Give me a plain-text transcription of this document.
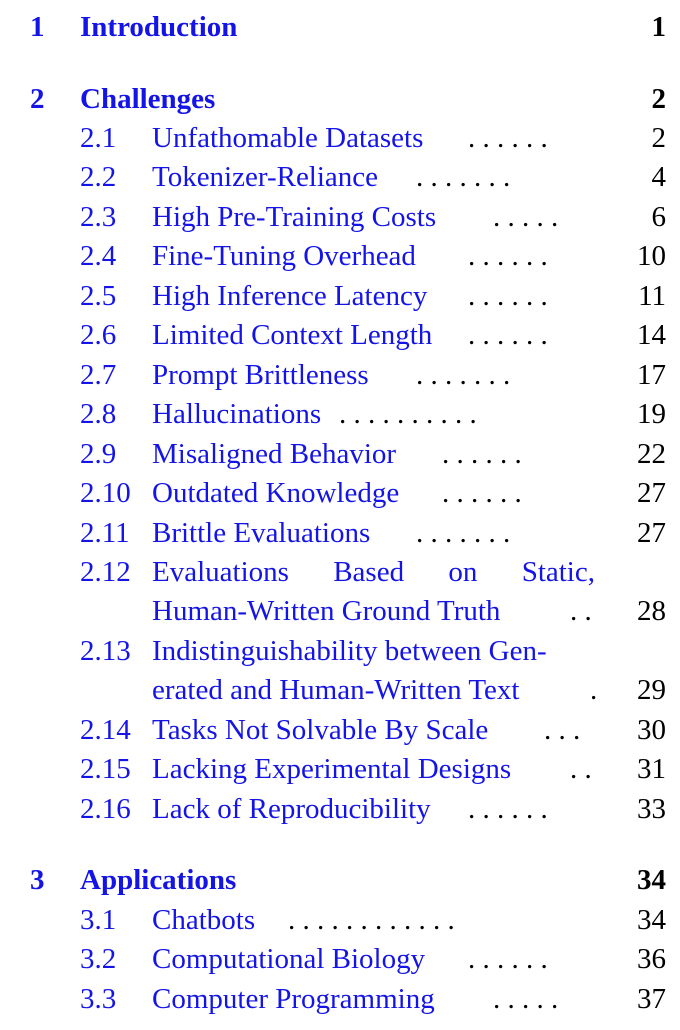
1 Introduction	1
2 Challenges	2
2.1 Unfathomable Datasets . . . . . .	2
2.2 Tokenizer-Reliance . . . . . . .	4
2.3 High Pre-Training Costs . . . . .	6
2.4 Fine-Tuning Overhead . . . . . .	10
2.5 High Inference Latency . . . . . .	11
2.6 Limited Context Length . . . . . .	14
2.7 Prompt Brittleness . . . . . . .	17
2.8 Hallucinations . . . . . . . . . .	19
2.9 Misaligned Behavior . . . . . .	22
2.10 Outdated Knowledge . . . . . .	27
2.11 Brittle Evaluations . . . . . . .	27
2.12 Evaluations Based on Static,
Human-Written Ground Truth . . 28
2.13 Indistinguishability between Gen-
erated and Human-Written Text . 29
2.14 Tasks Not Solvable By Scale . . . 30
2.15 Lacking Experimental Designs . . 31
2.16 Lack of Reproducibility . . . . . .	33
3 Applications	34
3.1 Chatbots . . . . . . . . . . . .	34
3.2 Computational Biology . . . . . .	36
3.3 Computer Programming . . . . .	37
